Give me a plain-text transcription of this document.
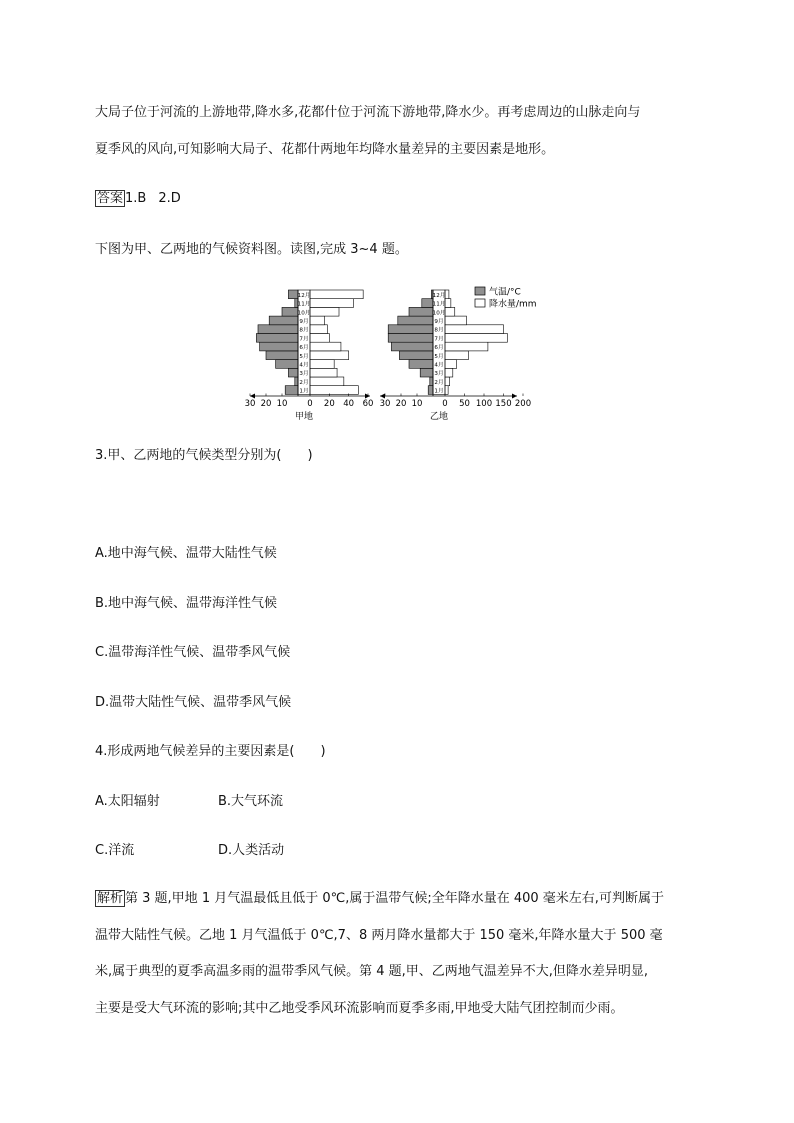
大局子位于河流的上游地带,降水多,花都什位于河流下游地带,降水少。再考虑周边的山脉走向与
夏季风的风向,可知影响大局子、花都什两地年均降水量差异的主要因素是地形。
答案 1.B 2.D
下图为甲、乙两地的气候资料图。读图,完成 3~4 题。
1月
2月
3月
4月
5月
6月
7月
8月
9月
10月
11月
12月
30 20 10 0 20 40 60
甲地
1月
2月
3月
4月
5月
6月
7月
8月
9月
10月
11月
12月
30 20 10 0 50 100 150 200
乙地
气温/°C
降水量/mm
3.甲、乙两地的气候类型分别为(　　)
A.地中海气候、温带大陆性气候
B.地中海气候、温带海洋性气候
C.温带海洋性气候、温带季风气候
D.温带大陆性气候、温带季风气候
4.形成两地气候差异的主要因素是(　　)
A.太阳辐射	B.大气环流
C.洋流	D.人类活动
解析 第 3 题,甲地 1 月气温最低且低于 0℃,属于温带气候;全年降水量在 400 毫米左右,可判断属于
温带大陆性气候。乙地 1 月气温低于 0℃,7、8 两月降水量都大于 150 毫米,年降水量大于 500 毫
米,属于典型的夏季高温多雨的温带季风气候。第 4 题,甲、乙两地气温差异不大,但降水差异明显,
主要是受大气环流的影响;其中乙地受季风环流影响而夏季多雨,甲地受大陆气团控制而少雨。
